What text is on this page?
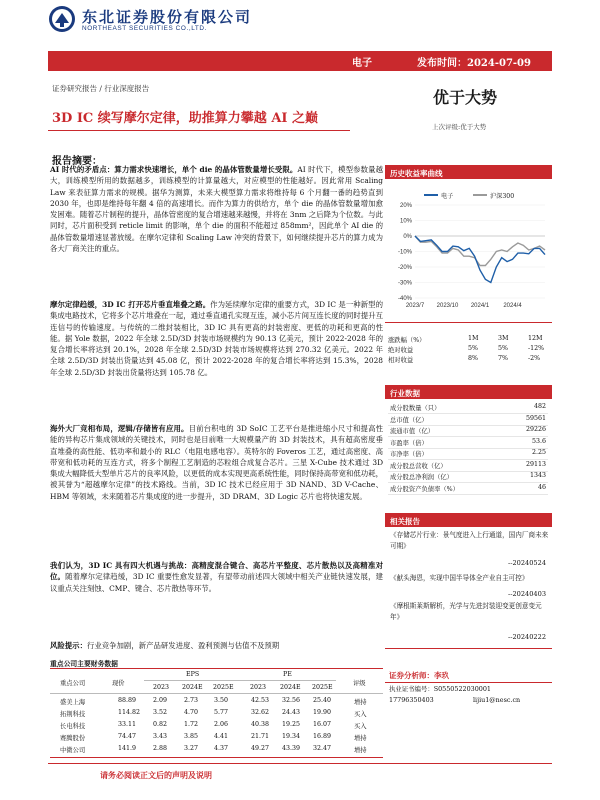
东北证券股份有限公司
NORTHEAST SECURITIES CO.,LTD.
电子	发布时间：2024-07-09
证券研究报告 / 行业深度报告	优于大势
上次评级:优于大势
3D IC 续写摩尔定律，助推算力攀越 AI 之巅
报告摘要：
AI 时代的矛盾点：算力需求快速增长，单个 die 的晶体管数量增长受限。AI 时代下，模型参数量越大，训练模型所用的数据越多，训练模型的计算量越大，对应模型的性能越好。因此常用 Scaling Law 来表征算力需求的规模。据华为测算，未来大模型算力需求将维持每 6 个月翻一番的趋势直到 2030 年，也即是维持每年翻 4 倍的高速增长。而作为算力的供给方，单个 die 的晶体管数量增加愈发困难。随着芯片制程的提升，晶体管密度的复合增速越来越慢，并将在 3nm 之后降为个位数。与此同时，芯片面积受到 reticle limit 的影响，单个 die 的面积不能超过 858mm²，因此单个 AI die 的晶体管数量增速显著放缓。在摩尔定律和 Scaling Law 冲突的背景下，如何继续提升芯片的算力成为各大厂商关注的重点。
摩尔定律趋缓，3D IC 打开芯片垂直堆叠之路。作为延续摩尔定律的重要方式，3D IC 是一种新型的集成电路技术，它将多个芯片堆叠在一起，通过垂直通孔实现互连，减小芯片间互连长度的同时提升互连信号的传输速度。与传统的二维封装相比，3D IC 具有更高的封装密度、更低的功耗和更高的性能。据 Yole 数据，2022 年全球 2.5D/3D 封装市场规模约为 90.13 亿美元，预计 2022-2028 年的复合增长率将达到 20.1%，2028 年全球 2.5D/3D 封装市场规模将达到 270.32 亿美元。2022 年全球 2.5D/3D 封装出货量达到 45.08 亿，预计 2022-2028 年的复合增长率将达到 15.3%，2028 年全球 2.5D/3D 封装出货量将达到 105.78 亿。
海外大厂竞相布局，逻辑/存储皆有应用。目前台积电的 3D SoIC 工艺平台是推进缩小尺寸和提高性能的异构芯片集成领域的关键技术，同时也是目前唯一大规模量产的 3D 封装技术，具有超高密度垂直堆叠的高性能、低功率和最小的 RLC（电阻电感电容）。英特尔的 Foveros 工艺，通过高密度、高带宽和低功耗的互连方式，将多个制程工艺制造的芯粒组合成复合芯片。三星 X-Cube 技术通过 3D 集成大幅降低大型单片芯片的良率风险，以更低的成本实现更高系统性能，同时保持高带宽和低功耗，被其誉为“超越摩尔定律”的技术路线。当前，3D IC 技术已经应用于 3D NAND、3D V-Cache、HBM 等领域，未来随着芯片集成度的进一步提升，3D DRAM、3D Logic 芯片也将快速发展。
我们认为，3D IC 具有四大机遇与挑战：高精度混合键合、高芯片平整度、芯片散热以及高精准对位。随着摩尔定律趋缓，3D IC 重要性愈发显著，有望带动前述四大领域中相关产业链快速发展，建议重点关注刻蚀、CMP、键合、芯片散热等环节。
风险提示：行业竞争加剧，新产品研发进度、盈利预测与估值不及预期
重点公司主要财务数据
重点公司	现价
EPS	PE
评级
2023 2024E 2025E	2023 2024E 2025E
盛美上海	88.89	2.09	2.73	3.50	42.53 32.56 25.40	增持
拓荆科技	114.82 3.52	4.70	5.77	32.62 24.43 19.90	买入
长电科技	33.11	0.82	1.72	2.06	40.38 19.25 16.07	买入
赛腾股份	74.47	3.43	3.85	4.41	21.71 19.34 16.89	增持
中微公司	141.9	2.88	3.27	4.37	49.27 43.39 32.47	增持
历史收益率曲线
电子	沪深300
20%
10%
0%
-10%
-20%
-30%
-40%
2023/7 2023/10 2024/1 2024/4
涨跌幅（%）	1M	3M	12M
绝对收益	5%	5%	-12%
相对收益	8%	7%	-2%
行业数据
成分股数量（只）	482
总市值（亿）	59561
流通市值（亿）	29226
市盈率（倍）	53.6
市净率（倍）	2.25
成分股总营收（亿）	29113
成分股总净利润（亿）	1343
成分股资产负债率（%）	46
相关报告
《存储芯片行业：景气度进入上行通道，国内厂商未来可期》
--20240524
《献头海恩，实现中国半导体全产业自主可控》
--20240403
《摩根斯莱斯解析，光学与先进封装迎变更创意变元年》
--20240222
证券分析师：李玖
执业证书编号：S0550522030001
17796350403	lijiu1@nesc.cn
请务必阅读正文后的声明及说明
